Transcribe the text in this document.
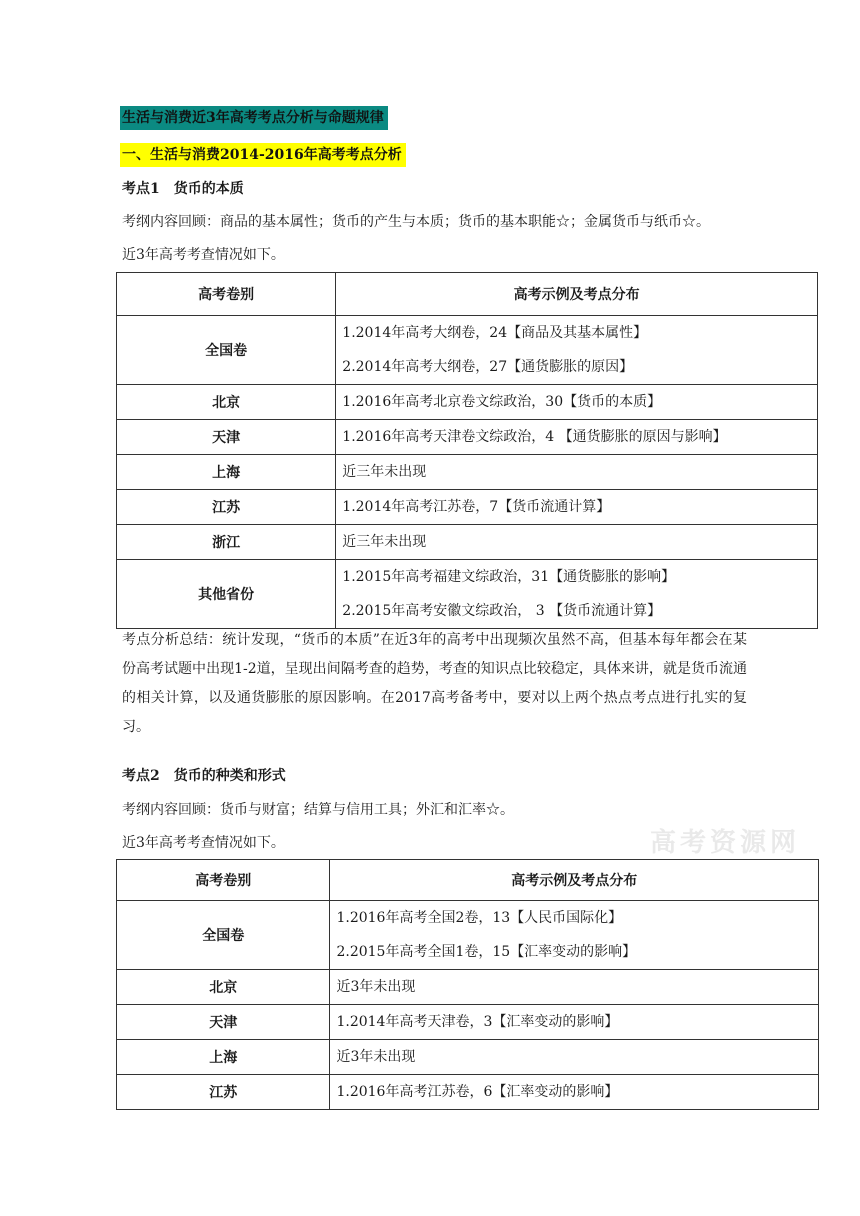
生活与消费近3年高考考点分析与命题规律
一、生活与消费2014-2016年高考考点分析
考点1　货币的本质
考纲内容回顾：商品的基本属性；货币的产生与本质；货币的基本职能☆；金属货币与纸币☆。
近3年高考考查情况如下。
高考卷别	高考示例及考点分布
全国卷	1.2014年高考大纲卷，24【商品及其基本属性】
2.2014年高考大纲卷，27【通货膨胀的原因】

北京	1.2016年高考北京卷文综政治，30【货币的本质】

天津	1.2016年高考天津卷文综政治，4 【通货膨胀的原因与影响】

上海	近三年未出现

江苏	1.2014年高考江苏卷，7【货币流通计算】

浙江	近三年未出现

其他省份	1.2015年高考福建文综政治，31【通货膨胀的影响】
2.2015年高考安徽文综政治， 3 【货币流通计算】
考点分析总结：统计发现，“货币的本质”在近3年的高考中出现频次虽然不高，但基本每年都会在某份高考试题中出现1-2道，呈现出间隔考查的趋势，考查的知识点比较稳定，具体来讲，就是货币流通的相关计算，以及通货膨胀的原因影响。在2017高考备考中，要对以上两个热点考点进行扎实的复习。
考点2　货币的种类和形式
考纲内容回顾：货币与财富；结算与信用工具；外汇和汇率☆。
近3年高考考查情况如下。	高考资源网
高考卷别	高考示例及考点分布
全国卷	1.2016年高考全国2卷，13【人民币国际化】
2.2015年高考全国1卷，15【汇率变动的影响】

北京	近3年未出现

天津	1.2014年高考天津卷，3【汇率变动的影响】

上海	近3年未出现

江苏	1.2016年高考江苏卷，6【汇率变动的影响】
